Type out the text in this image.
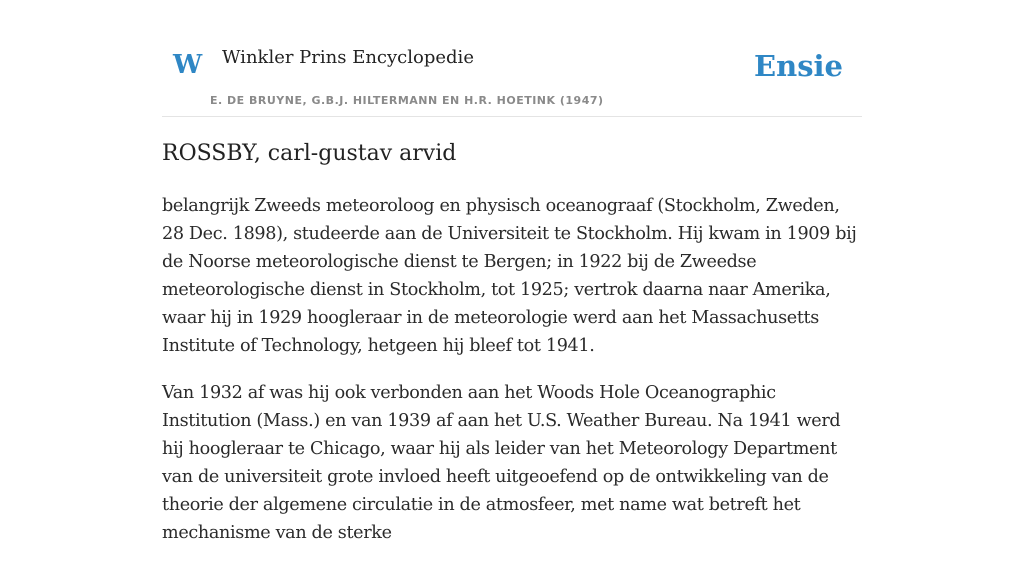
W Winkler Prins Encyclopedie
E. DE BRUYNE, G.B.J. HILTERMANN EN H.R. HOETINK (1947)
Ensie
ROSSBY, carl-gustav arvid

belangrijk Zweeds meteoroloog en physisch oceanograaf (Stockholm, Zweden, 28 Dec. 1898), studeerde aan de Universiteit te Stockholm. Hij kwam in 1909 bij de Noorse meteorologische dienst te Bergen; in 1922 bij de Zweedse meteorologische dienst in Stockholm, tot 1925; vertrok daarna naar Amerika, waar hij in 1929 hoogleraar in de meteorologie werd aan het Massachusetts Institute of Technology, hetgeen hij bleef tot 1941.

Van 1932 af was hij ook verbonden aan het Woods Hole Oceanographic Institution (Mass.) en van 1939 af aan het U.S. Weather Bureau. Na 1941 werd hij hoogleraar te Chicago, waar hij als leider van het Meteorology Department van de universiteit grote invloed heeft uitgeoefend op de ontwikkeling van de theorie der algemene circulatie in de atmosfeer, met name wat betreft het mechanisme van de sterke
